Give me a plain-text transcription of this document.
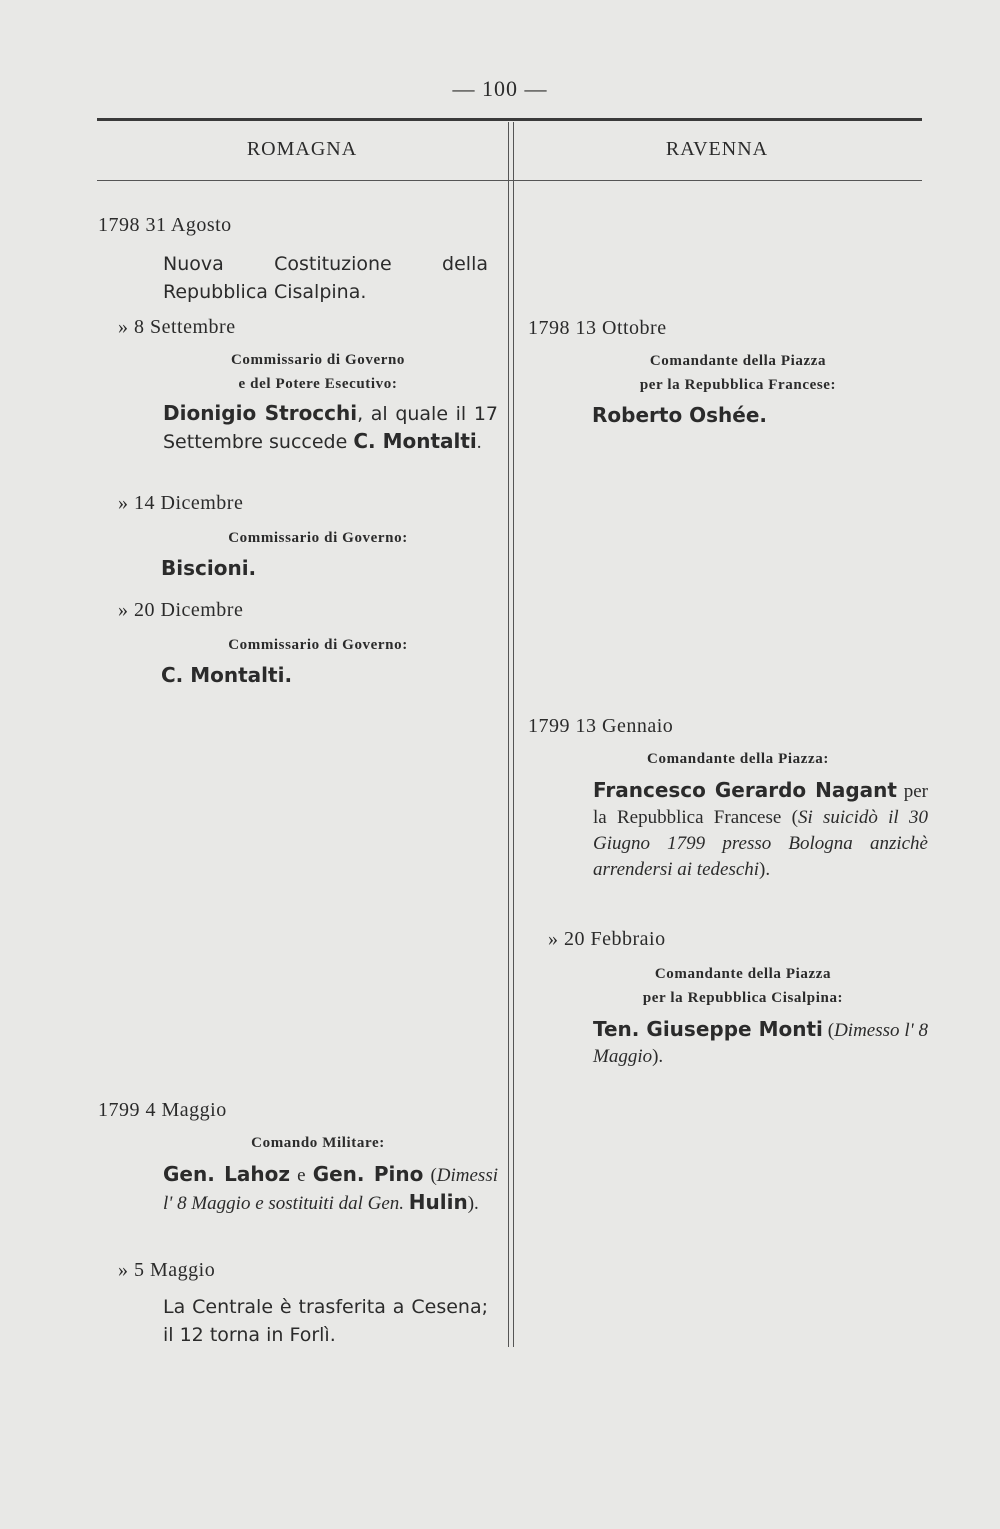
— 100 —
ROMAGNA	RAVENNA
1798 31 Agosto
Nuova Costituzione della Repubblica Cisalpina.
» 8 Settembre
Commissario di Governo
e del Potere Esecutivo:
Dionigio Strocchi, al quale il 17 Settembre succede C. Montalti.
» 14 Dicembre
Commissario di Governo:
Biscioni.
» 20 Dicembre
Commissario di Governo:
C. Montalti.
1799 4 Maggio
Comando Militare:
Gen. Lahoz e Gen. Pino (Dimessi l' 8 Maggio e sostituiti dal Gen. Hulin).
» 5 Maggio
La Centrale è trasferita a Cesena; il 12 torna in Forlì.
1798 13 Ottobre
Comandante della Piazza
per la Repubblica Francese:
Roberto Oshée.
1799 13 Gennaio
Comandante della Piazza:
Francesco Gerardo Nagant per la Repubblica Francese (Si suicidò il 30 Giugno 1799 presso Bologna anzichè arrendersi ai tedeschi).
» 20 Febbraio
Comandante della Piazza
per la Repubblica Cisalpina:
Ten. Giuseppe Monti (Dimesso l' 8 Maggio).
